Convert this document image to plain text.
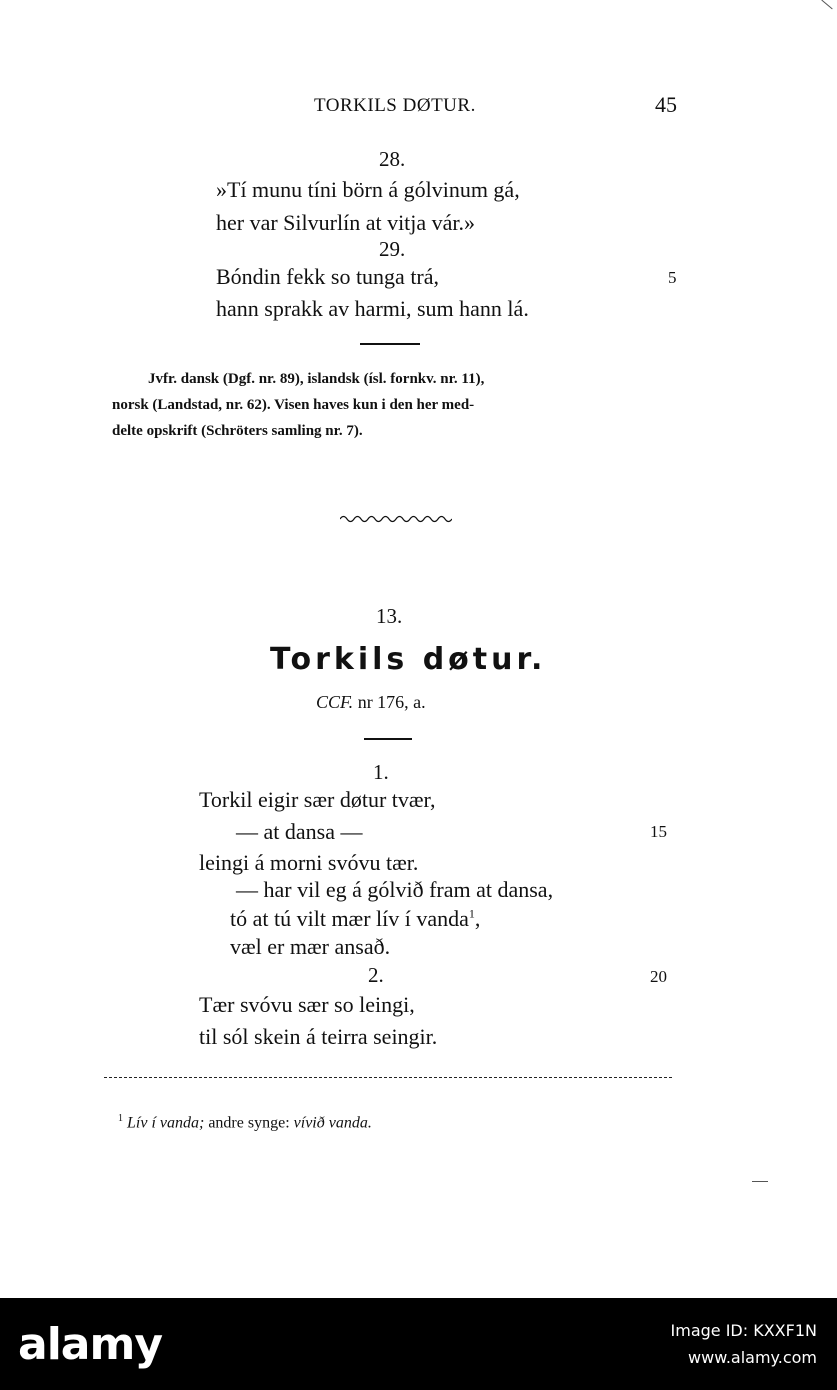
TORKILS DØTUR.	45
28.
»Tí munu tíni börn á gólvinum gá,
her var Silvurlín at vitja vár.»
29.
Bóndin fekk so tunga trá,	5
hann sprakk av harmi, sum hann lá.
Jvfr. dansk (Dgf. nr. 89), islandsk (ísl. fornkv. nr. 11),
norsk (Landstad, nr. 62). Visen haves kun i den her med-
delte opskrift (Schröters samling nr. 7).
13.
Torkils døtur.
CCF. nr 176, a.
1.
Torkil eigir sær døtur tvær,
— at dansa —	15
leingi á morni svóvu tær.
— har vil eg á gólvið fram at dansa,
tó at tú vilt mær lív í vanda$^1$,
væl er mær ansað.
2.	20
Tær svóvu sær so leingi,
til sól skein á teirra seingir.
$^1$ Lív í vanda; andre synge: vívið vanda.
alamy	Image ID: KXXF1N
www.alamy.com
